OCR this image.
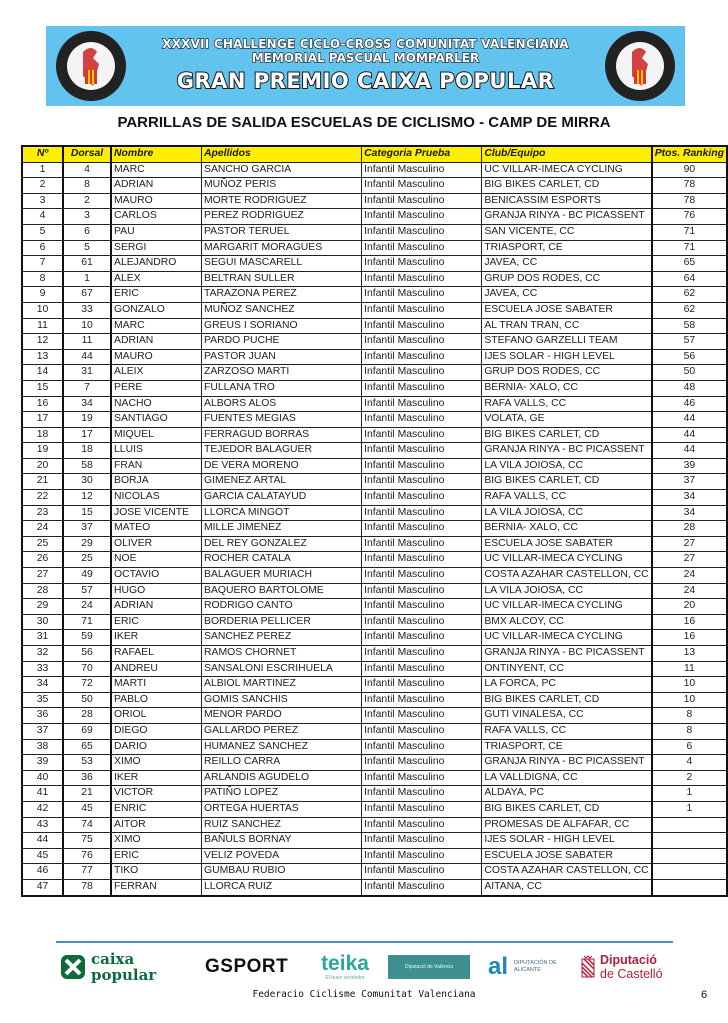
XXXVII CHALLENGE CICLO-CROSS COMUNITAT VALENCIANA
MEMORIAL PASCUAL MOMPARLER
GRAN PREMIO CAIXA POPULAR
PARRILLAS DE SALIDA ESCUELAS DE CICLISMO - CAMP DE MIRRA
Nº	Dorsal	Nombre	Apellidos	Categoria Prueba	Club/Equipo	Ptos. Ranking
1	4	MARC	SANCHO GARCIA	Infantil Masculino	UC VILLAR-IMECA CYCLING	90
2	8	ADRIAN	MUÑOZ PERIS	Infantil Masculino	BIG BIKES CARLET, CD	78
3	2	MAURO	MORTE RODRIGUEZ	Infantil Masculino	BENICASSIM ESPORTS	78
4	3	CARLOS	PEREZ RODRIGUEZ	Infantil Masculino	GRANJA RINYA - BC PICASSENT	76
5	6	PAU	PASTOR TERUEL	Infantil Masculino	SAN VICENTE, CC	71
6	5	SERGI	MARGARIT MORAGUES	Infantil Masculino	TRIASPORT, CE	71
7	61	ALEJANDRO	SEGUI MASCARELL	Infantil Masculino	JAVEA, CC	65
8	1	ALEX	BELTRAN SULLER	Infantil Masculino	GRUP DOS RODES, CC	64
9	67	ERIC	TARAZONA PEREZ	Infantil Masculino	JAVEA, CC	62
10	33	GONZALO	MUÑOZ SANCHEZ	Infantil Masculino	ESCUELA JOSE SABATER	62
11	10	MARC	GREUS I SORIANO	Infantil Masculino	AL TRAN TRAN, CC	58
12	11	ADRIAN	PARDO PUCHE	Infantil Masculino	STEFANO GARZELLI TEAM	57
13	44	MAURO	PASTOR JUAN	Infantil Masculino	IJES SOLAR - HIGH LEVEL	56
14	31	ALEIX	ZARZOSO MARTI	Infantil Masculino	GRUP DOS RODES, CC	50
15	7	PERE	FULLANA TRO	Infantil Masculino	BERNIA- XALO, CC	48
16	34	NACHO	ALBORS ALOS	Infantil Masculino	RAFA VALLS, CC	46
17	19	SANTIAGO	FUENTES MEGIAS	Infantil Masculino	VOLATA, GE	44
18	17	MIQUEL	FERRAGUD BORRAS	Infantil Masculino	BIG BIKES CARLET, CD	44
19	18	LLUIS	TEJEDOR BALAGUER	Infantil Masculino	GRANJA RINYA - BC PICASSENT	44
20	58	FRAN	DE VERA MORENO	Infantil Masculino	LA VILA JOIOSA, CC	39
21	30	BORJA	GIMENEZ ARTAL	Infantil Masculino	BIG BIKES CARLET, CD	37
22	12	NICOLAS	GARCIA CALATAYUD	Infantil Masculino	RAFA VALLS, CC	34
23	15	JOSE VICENTE	LLORCA MINGOT	Infantil Masculino	LA VILA JOIOSA, CC	34
24	37	MATEO	MILLE JIMENEZ	Infantil Masculino	BERNIA- XALO, CC	28
25	29	OLIVER	DEL REY GONZALEZ	Infantil Masculino	ESCUELA JOSE SABATER	27
26	25	NOE	ROCHER CATALA	Infantil Masculino	UC VILLAR-IMECA CYCLING	27
27	49	OCTAVIO	BALAGUER MURIACH	Infantil Masculino	COSTA AZAHAR CASTELLON, CC	24
28	57	HUGO	BAQUERO BARTOLOME	Infantil Masculino	LA VILA JOIOSA, CC	24
29	24	ADRIAN	RODRIGO CANTO	Infantil Masculino	UC VILLAR-IMECA CYCLING	20
30	71	ERIC	BORDERIA PELLICER	Infantil Masculino	BMX ALCOY, CC	16
31	59	IKER	SANCHEZ PEREZ	Infantil Masculino	UC VILLAR-IMECA CYCLING	16
32	56	RAFAEL	RAMOS CHORNET	Infantil Masculino	GRANJA RINYA - BC PICASSENT	13
33	70	ANDREU	SANSALONI ESCRIHUELA	Infantil Masculino	ONTINYENT, CC	11
34	72	MARTI	ALBIOL MARTINEZ	Infantil Masculino	LA FORCA, PC	10
35	50	PABLO	GOMIS SANCHIS	Infantil Masculino	BIG BIKES CARLET, CD	10
36	28	ORIOL	MENOR PARDO	Infantil Masculino	GUTI VINALESA, CC	8
37	69	DIEGO	GALLARDO PEREZ	Infantil Masculino	RAFA VALLS, CC	8
38	65	DARIO	HUMANEZ SANCHEZ	Infantil Masculino	TRIASPORT, CE	6
39	53	XIMO	REILLO CARRA	Infantil Masculino	GRANJA RINYA - BC PICASSENT	4
40	36	IKER	ARLANDIS AGUDELO	Infantil Masculino	LA VALLDIGNA, CC	2
41	21	VICTOR	PATIÑO LOPEZ	Infantil Masculino	ALDAYA, PC	1
42	45	ENRIC	ORTEGA HUERTAS	Infantil Masculino	BIG BIKES CARLET, CD	1
43	74	AITOR	RUIZ SANCHEZ	Infantil Masculino	PROMESAS DE ALFAFAR, CC	
44	75	XIMO	BAÑULS BORNAY	Infantil Masculino	IJES SOLAR - HIGH LEVEL	
45	76	ERIC	VELIZ POVEDA	Infantil Masculino	ESCUELA JOSE SABATER	
46	77	TIKO	GUMBAU RUBIO	Infantil Masculino	COSTA AZAHAR CASTELLON, CC	
47	78	FERRAN	LLORCA RUIZ	Infantil Masculino	AITANA, CC	
caixa
popular	GSPORT	teika
El buen vendedor
Diputació de València	al DIPUTACIÓN DE ALICANTE
Diputació
de Castelló
Federacio Ciclisme Comunitat Valenciana	6
